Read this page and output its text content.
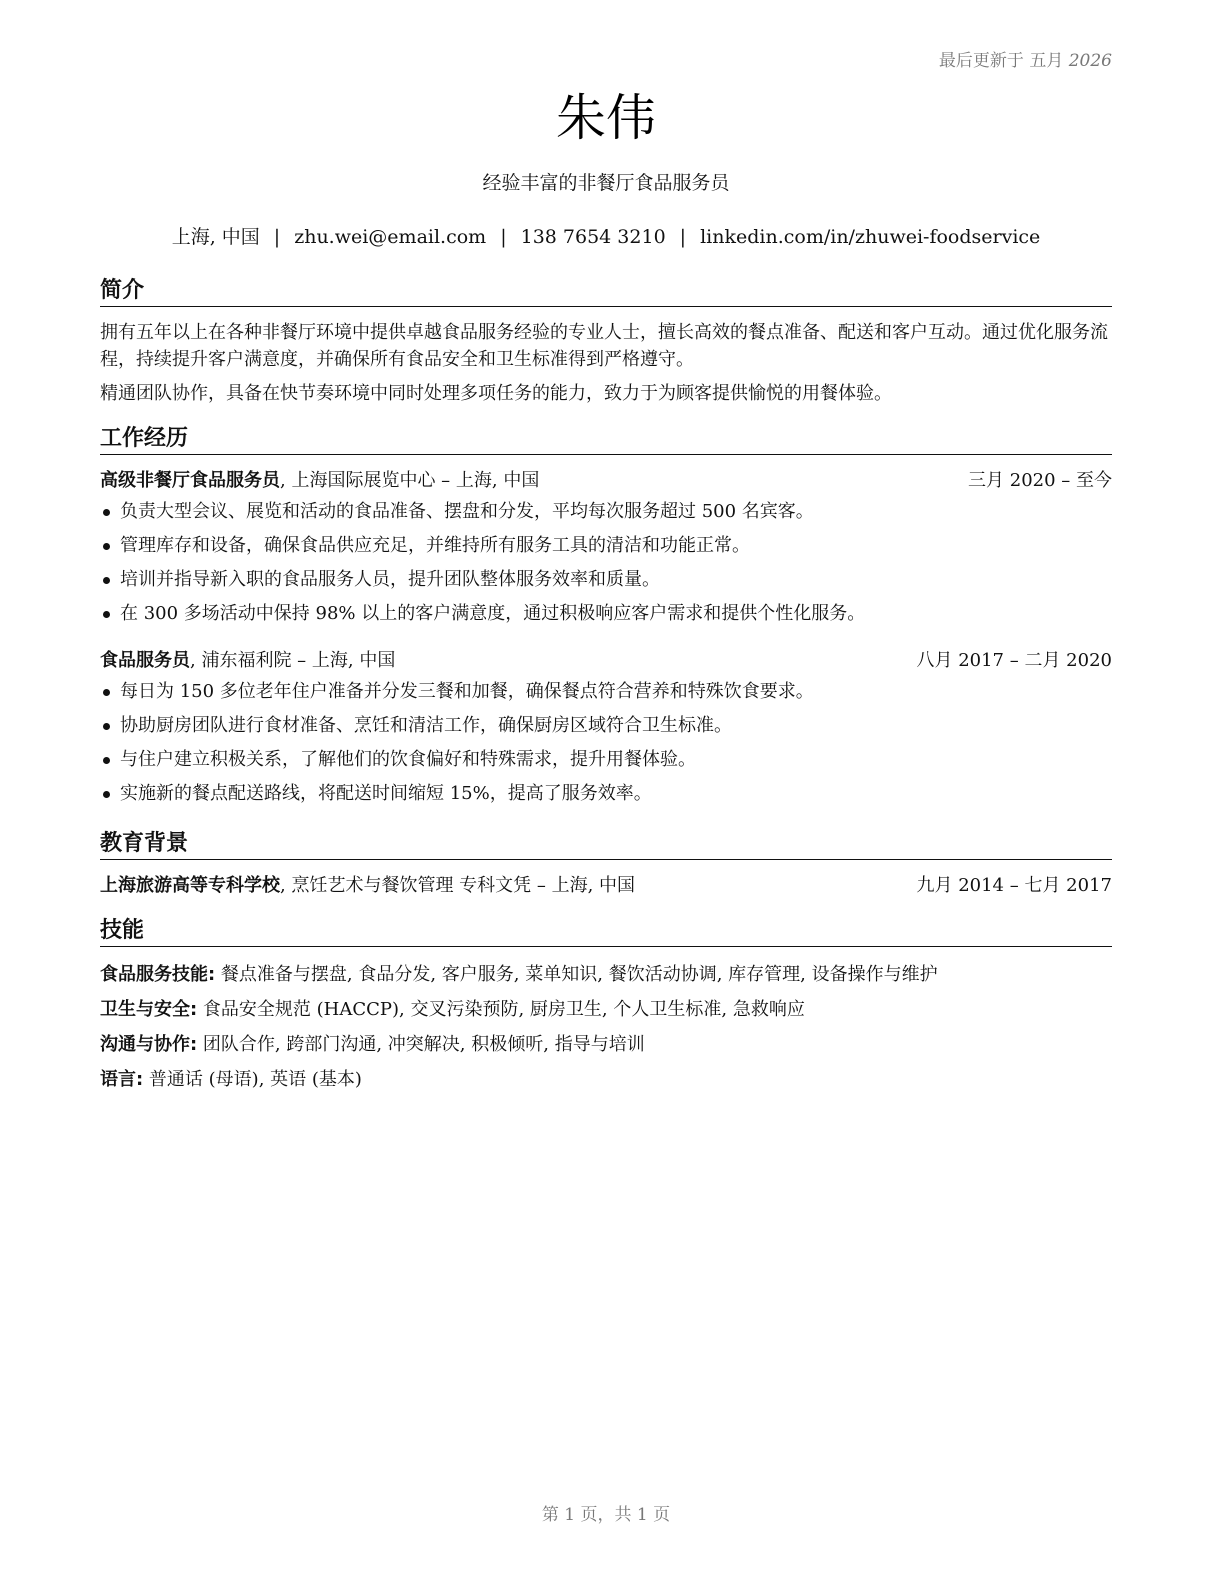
最后更新于 五月 2026
朱伟
经验丰富的非餐厅食品服务员
上海, 中国 | zhu.wei@email.com | 138 7654 3210 | linkedin.com/in/zhuwei-foodservice
简介

拥有五年以上在各种非餐厅环境中提供卓越食品服务经验的专业人士，擅长高效的餐点准备、配送和客户互动。通过优化服务流程，持续提升客户满意度，并确保所有食品安全和卫生标准得到严格遵守。

精通团队协作，具备在快节奏环境中同时处理多项任务的能力，致力于为顾客提供愉悦的用餐体验。

工作经历
高级非餐厅食品服务员, 上海国际展览中心 – 上海, 中国	三月 2020 – 至今
负责大型会议、展览和活动的食品准备、摆盘和分发，平均每次服务超过 500 名宾客。
管理库存和设备，确保食品供应充足，并维持所有服务工具的清洁和功能正常。
培训并指导新入职的食品服务人员，提升团队整体服务效率和质量。
在 300 多场活动中保持 98% 以上的客户满意度，通过积极响应客户需求和提供个性化服务。
食品服务员, 浦东福利院 – 上海, 中国	八月 2017 – 二月 2020
每日为 150 多位老年住户准备并分发三餐和加餐，确保餐点符合营养和特殊饮食要求。
协助厨房团队进行食材准备、烹饪和清洁工作，确保厨房区域符合卫生标准。
与住户建立积极关系，了解他们的饮食偏好和特殊需求，提升用餐体验。
实施新的餐点配送路线，将配送时间缩短 15%，提高了服务效率。
教育背景
上海旅游高等专科学校, 烹饪艺术与餐饮管理 专科文凭 – 上海, 中国	九月 2014 – 七月 2017
技能
食品服务技能: 餐点准备与摆盘, 食品分发, 客户服务, 菜单知识, 餐饮活动协调, 库存管理, 设备操作与维护
卫生与安全: 食品安全规范 (HACCP), 交叉污染预防, 厨房卫生, 个人卫生标准, 急救响应
沟通与协作: 团队合作, 跨部门沟通, 冲突解决, 积极倾听, 指导与培训
语言: 普通话 (母语), 英语 (基本)
第 1 页，共 1 页
